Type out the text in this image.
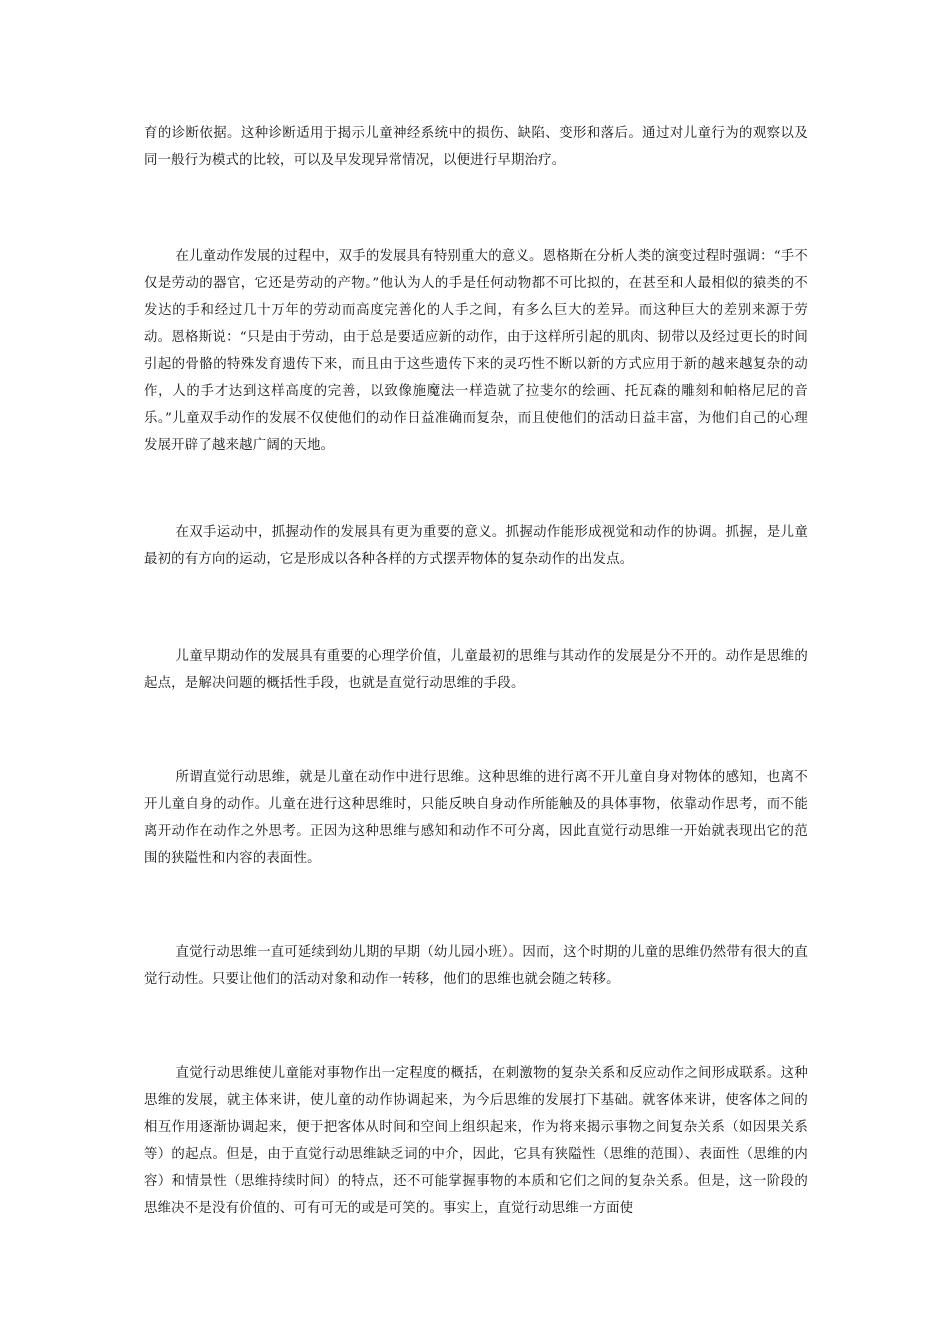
育的诊断依据。这种诊断适用于揭示儿童神经系统中的损伤、缺陷、变形和落后。通过对儿童行为的观察以及同一般行为模式的比较，可以及早发现异常情况，以便进行早期治疗。

在儿童动作发展的过程中，双手的发展具有特别重大的意义。恩格斯在分析人类的演变过程时强调：“手不仅是劳动的器官，它还是劳动的产物。”他认为人的手是任何动物都不可比拟的，在甚至和人最相似的猿类的不发达的手和经过几十万年的劳动而高度完善化的人手之间，有多么巨大的差异。而这种巨大的差别来源于劳动。恩格斯说：“只是由于劳动，由于总是要适应新的动作，由于这样所引起的肌肉、韧带以及经过更长的时间引起的骨骼的特殊发育遗传下来，而且由于这些遗传下来的灵巧性不断以新的方式应用于新的越来越复杂的动作，人的手才达到这样高度的完善，以致像施魔法一样造就了拉斐尔的绘画、托瓦森的雕刻和帕格尼尼的音乐。”儿童双手动作的发展不仅使他们的动作日益准确而复杂，而且使他们的活动日益丰富，为他们自己的心理发展开辟了越来越广阔的天地。

在双手运动中，抓握动作的发展具有更为重要的意义。抓握动作能形成视觉和动作的协调。抓握，是儿童最初的有方向的运动，它是形成以各种各样的方式摆弄物体的复杂动作的出发点。

儿童早期动作的发展具有重要的心理学价值，儿童最初的思维与其动作的发展是分不开的。动作是思维的起点，是解决问题的概括性手段，也就是直觉行动思维的手段。

所谓直觉行动思维，就是儿童在动作中进行思维。这种思维的进行离不开儿童自身对物体的感知，也离不开儿童自身的动作。儿童在进行这种思维时，只能反映自身动作所能触及的具体事物，依靠动作思考，而不能离开动作在动作之外思考。正因为这种思维与感知和动作不可分离，因此直觉行动思维一开始就表现出它的范围的狭隘性和内容的表面性。

直觉行动思维一直可延续到幼儿期的早期（幼儿园小班）。因而，这个时期的儿童的思维仍然带有很大的直觉行动性。只要让他们的活动对象和动作一转移，他们的思维也就会随之转移。

直觉行动思维使儿童能对事物作出一定程度的概括，在刺激物的复杂关系和反应动作之间形成联系。这种思维的发展，就主体来讲，使儿童的动作协调起来，为今后思维的发展打下基础。就客体来讲，使客体之间的相互作用逐渐协调起来，便于把客体从时间和空间上组织起来，作为将来揭示事物之间复杂关系（如因果关系等）的起点。但是，由于直觉行动思维缺乏词的中介，因此，它具有狭隘性（思维的范围）、表面性（思维的内容）和情景性（思维持续时间）的特点，还不可能掌握事物的本质和它们之间的复杂关系。但是，这一阶段的思维决不是没有价值的、可有可无的或是可笑的。事实上，直觉行动思维一方面使
